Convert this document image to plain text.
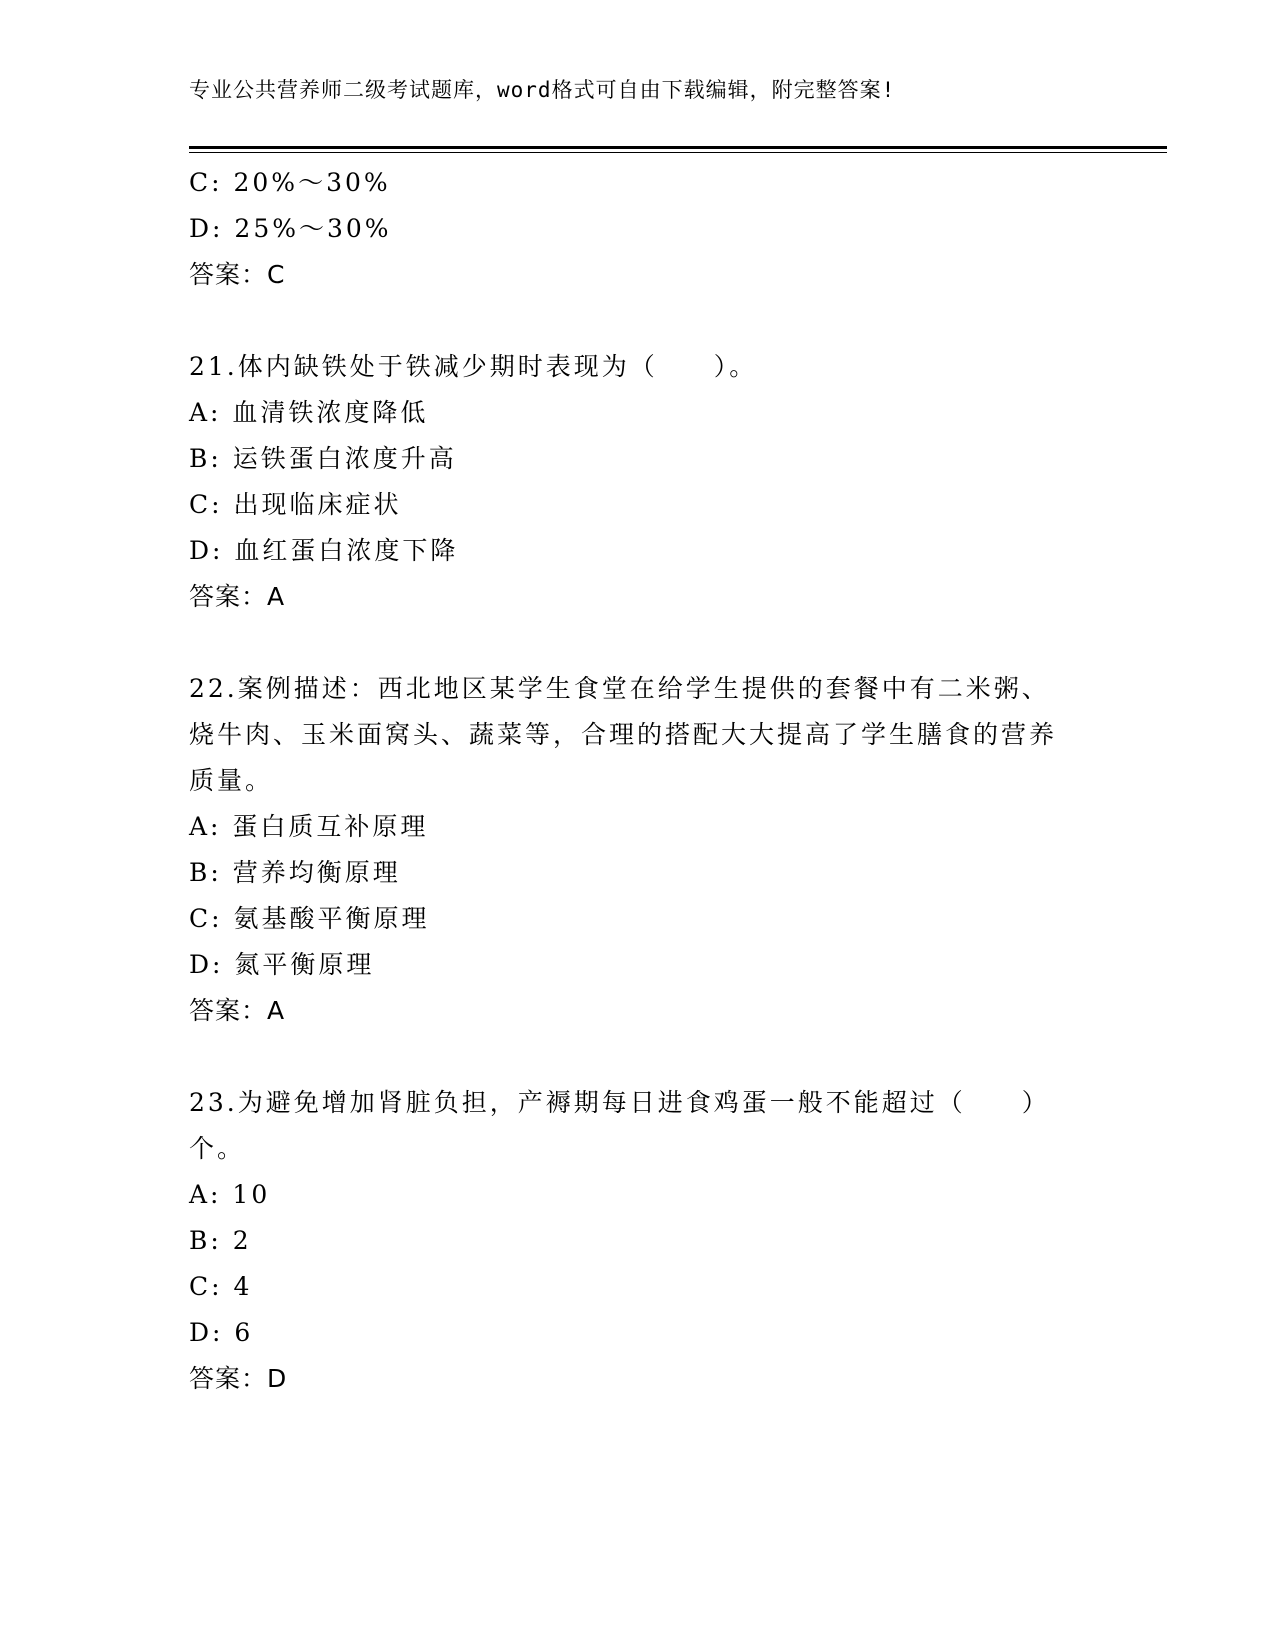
专业公共营养师二级考试题库，word格式可自由下载编辑，附完整答案!
C: 20%～30%
D: 25%～30%
答案：C
21.体内缺铁处于铁减少期时表现为（　　）。
A: 血清铁浓度降低
B: 运铁蛋白浓度升高
C: 出现临床症状
D: 血红蛋白浓度下降
答案：A
22.案例描述：西北地区某学生食堂在给学生提供的套餐中有二米粥、烧牛肉、玉米面窝头、蔬菜等，合理的搭配大大提高了学生膳食的营养质量。
A: 蛋白质互补原理
B: 营养均衡原理
C: 氨基酸平衡原理
D: 氮平衡原理
答案：A
23.为避免增加肾脏负担，产褥期每日进食鸡蛋一般不能超过（　　）个。
A: 10
B: 2
C: 4
D: 6
答案：D
